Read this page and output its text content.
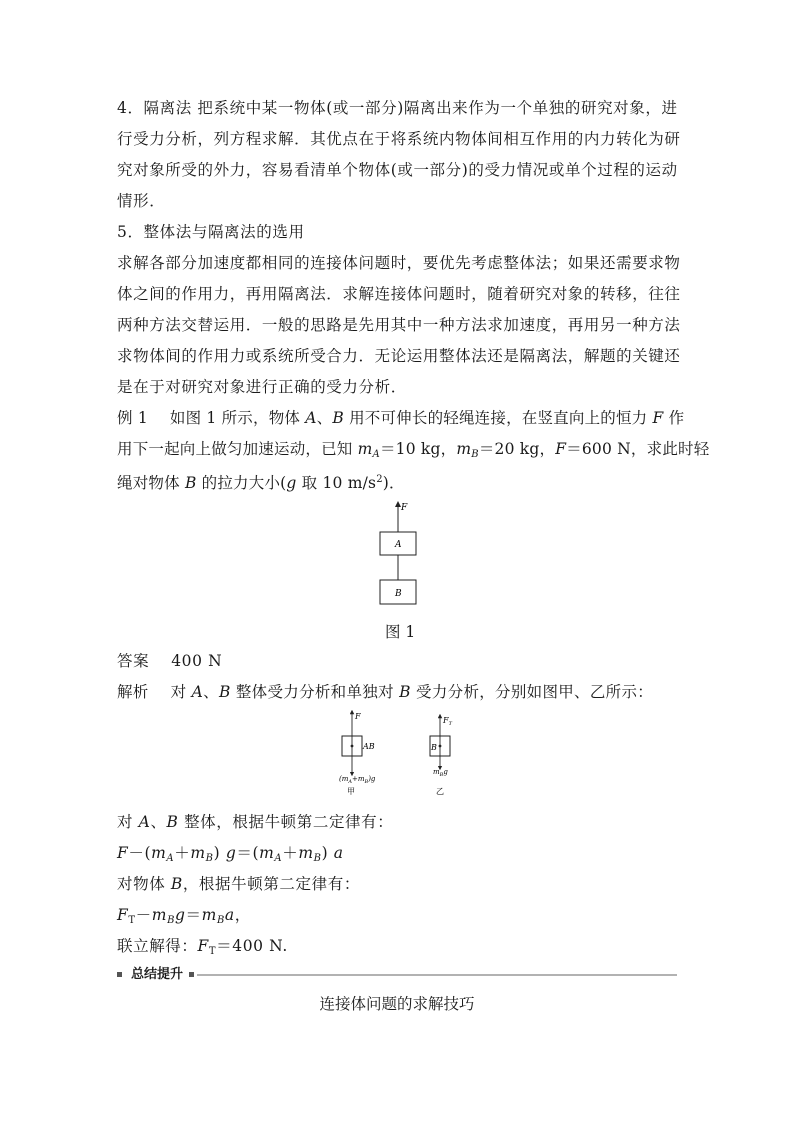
4．隔离法 把系统中某一物体(或一部分)隔离出来作为一个单独的研究对象，进
行受力分析，列方程求解．其优点在于将系统内物体间相互作用的内力转化为研
究对象所受的外力，容易看清单个物体(或一部分)的受力情况或单个过程的运动
情形．
5．整体法与隔离法的选用
求解各部分加速度都相同的连接体问题时，要优先考虑整体法；如果还需要求物
体之间的作用力，再用隔离法．求解连接体问题时，随着研究对象的转移，往往
两种方法交替运用．一般的思路是先用其中一种方法求加速度，再用另一种方法
求物体间的作用力或系统所受合力．无论运用整体法还是隔离法，解题的关键还
是在于对研究对象进行正确的受力分析．
例 1 如图 1 所示，物体 A、B 用不可伸长的轻绳连接，在竖直向上的恒力 F 作
用下一起向上做匀加速运动，已知 $m_A=10$ kg，$m_B=20$ kg，F＝600 N，求此时轻
绳对物体 B 的拉力大小(g 取 10 $m/s^2$)．
F
A
B
图 1
答案 400 N
解析 对 A、B 整体受力分析和单独对 B 受力分析，分别如图甲、乙所示：
F
AB
$(m_A+m_B)g$
甲
$F_T$
B
$m_Bg$
乙
对 A、B 整体，根据牛顿第二定律有：
$F-(m_A+m_B)$ $g=(m_A+m_B)$ a
对物体 B，根据牛顿第二定律有：
$F_T-m_Bg=m_Ba$，
联立解得：$F_T=400$ N.
总结提升
连接体问题的求解技巧
